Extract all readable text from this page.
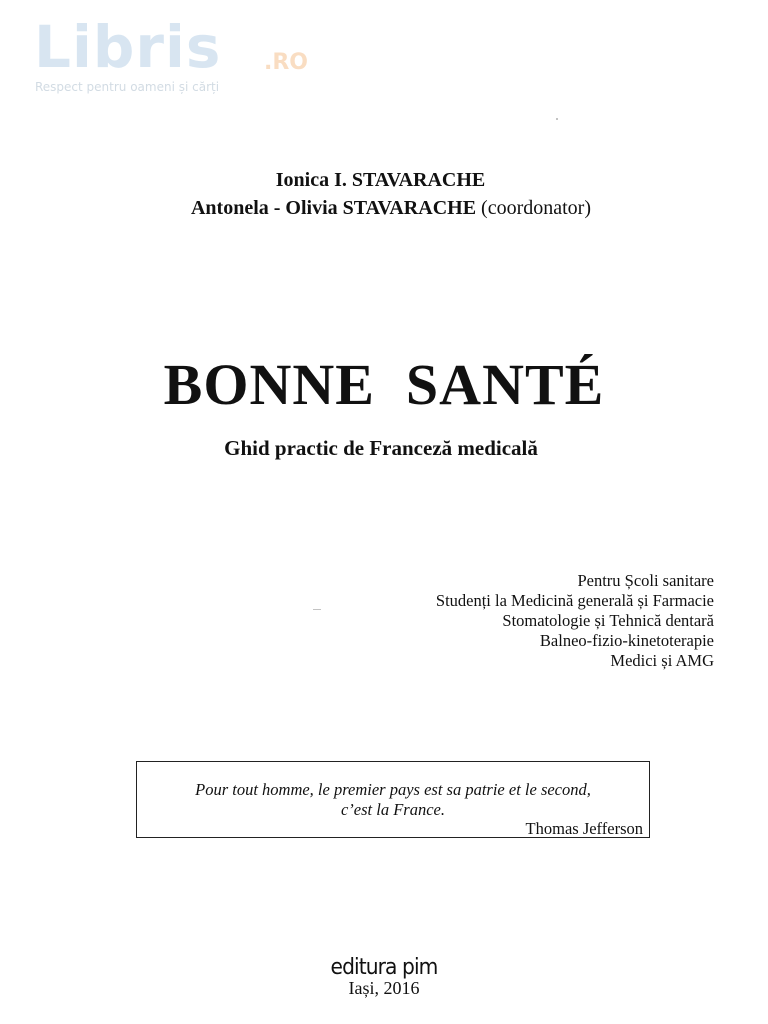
Libris .RO
Respect pentru oameni și cărți
Ionica I. STAVARACHE
Antonela - Olivia STAVARACHE (coordonator)
BONNE  SANTÉ
Ghid practic de Franceză medicală
Pentru Școli sanitare
Studenți la Medicină generală și Farmacie
Stomatologie și Tehnică dentară
Balneo-fizio-kinetoterapie
Medici și AMG
Pour tout homme, le premier pays est sa patrie et le second,
c’est la France.
Thomas Jefferson
editura pim
Iași, 2016
